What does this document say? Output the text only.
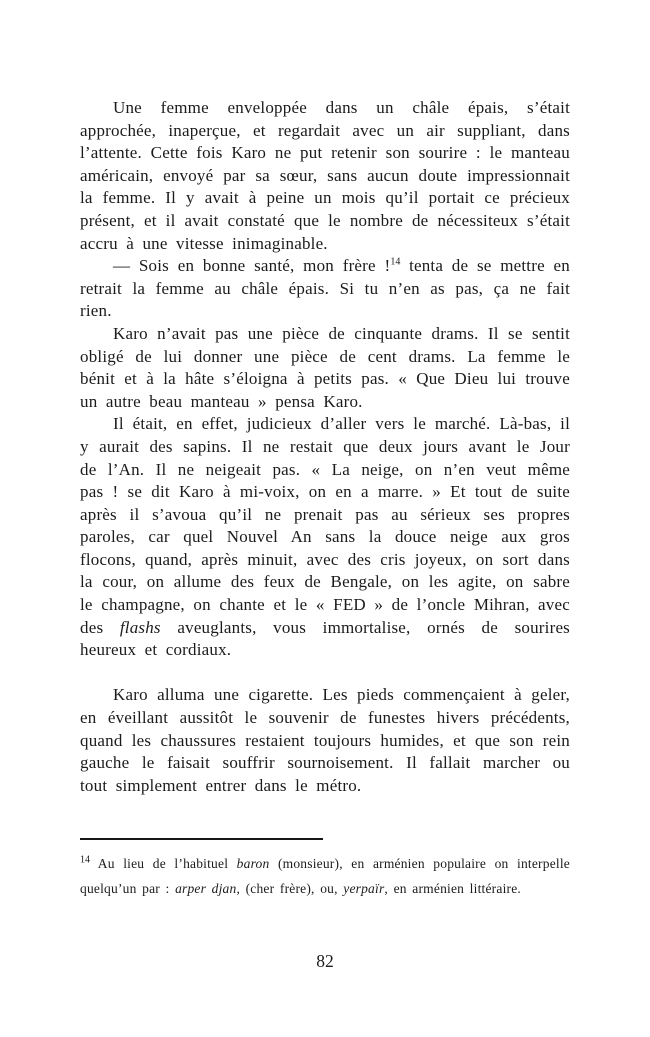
Une femme enveloppée dans un châle épais, s’était approchée, inaperçue, et regardait avec un air suppliant, dans l’attente. Cette fois Karo ne put retenir son sourire : le manteau américain, envoyé par sa sœur, sans aucun doute impressionnait la femme. Il y avait à peine un mois qu’il portait ce précieux présent, et il avait constaté que le nombre de nécessiteux s’était accru à une vitesse inimaginable.

— Sois en bonne santé, mon frère !$^{14}$ tenta de se mettre en retrait la femme au châle épais. Si tu n’en as pas, ça ne fait rien.

Karo n’avait pas une pièce de cinquante drams. Il se sentit obligé de lui donner une pièce de cent drams. La femme le bénit et à la hâte s’éloigna à petits pas. « Que Dieu lui trouve un autre beau manteau » pensa Karo.

Il était, en effet, judicieux d’aller vers le marché. Là-bas, il y aurait des sapins. Il ne restait que deux jours avant le Jour de l’An. Il ne neigeait pas. « La neige, on n’en veut même pas ! se dit Karo à mi-voix, on en a marre. » Et tout de suite après il s’avoua qu’il ne prenait pas au sérieux ses propres paroles, car quel Nouvel An sans la douce neige aux gros flocons, quand, après minuit, avec des cris joyeux, on sort dans la cour, on allume des feux de Bengale, on les agite, on sabre le champagne, on chante et le « FED » de l’oncle Mihran, avec des flashs aveuglants, vous immortalise, ornés de sourires heureux et cordiaux.

Karo alluma une cigarette. Les pieds commençaient à geler, en éveillant aussitôt le souvenir de funestes hivers précédents, quand les chaussures restaient toujours humides, et que son rein gauche le faisait souffrir sournoisement. Il fallait marcher ou tout simplement entrer dans le métro.

$^{14}$ Au lieu de l’habituel baron (monsieur), en arménien populaire on interpelle quelqu’un par : arper djan, (cher frère), ou, yerpaïr, en arménien littéraire.

82
